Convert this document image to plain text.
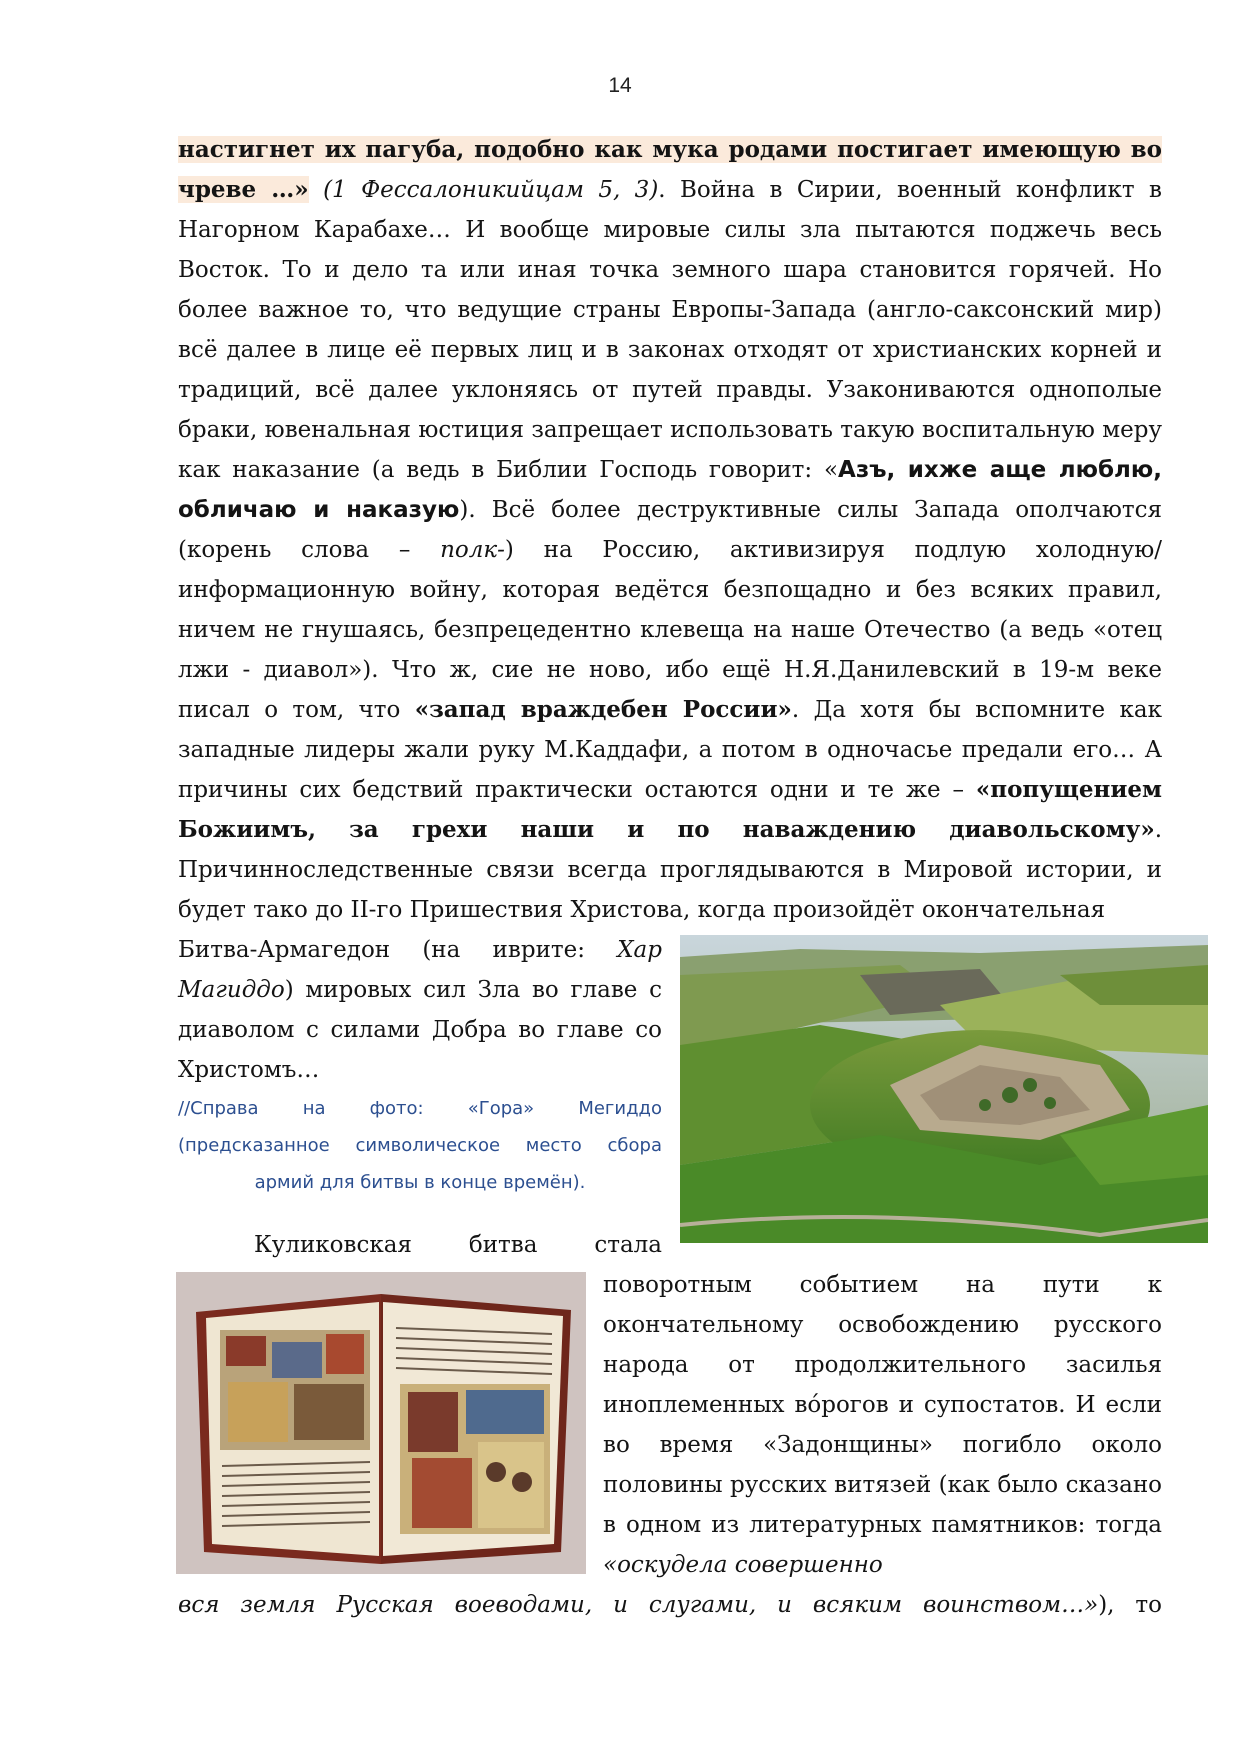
14
настигнет их пагуба, подобно как мука родами постигает имеющую во чреве …» (1 Фессалоникийцам 5, 3). Война в Сирии, военный конфликт в Нагорном Карабахе… И вообще мировые силы зла пытаются поджечь весь Восток. То и дело та или иная точка земного шара становится горячей. Но более важное то, что ведущие страны Европы-Запада (англо-саксонский мир) всё далее в лице её первых лиц и в законах отходят от христианских корней и традиций, всё далее уклоняясь от путей правды. Узакониваются однополые браки, ювенальная юстиция запрещает использовать такую воспитальную меру как наказание (а ведь в Библии Господь говорит: «Азъ, ихже аще люблю, обличаю и наказую). Всё более деструктивные силы Запада ополчаются (корень слова – полк-) на Россию, активизируя подлую холодную/информационную войну, которая ведётся безпощадно и без всяких правил, ничем не гнушаясь, безпрецедентно клевеща на наше Отечество (а ведь «отец лжи - диавол»). Что ж, сие не ново, ибо ещё Н.Я.Данилевский в 19-м веке писал о том, что «запад враждебен России». Да хотя бы вспомните как западные лидеры жали руку М.Каддафи, а потом в одночасье предали его… А причины сих бедствий практически остаются одни и те же – «попущением Божиимъ, за грехи наши и по наваждению диавольскому». Причинноследственные связи всегда проглядываются в Мировой истории, и будет тако до II-го Пришествия Христова, когда произойдёт окончательная
Битва-Армагедон (на иврите: Хар Магиддо) мировых сил Зла во главе с диаволом с силами Добра во главе со Христомъ…
//Справа на фото: «Гора» Мегиддо (предсказанное символическое место сбора армий для битвы в конце времён).
Куликовская битва стала
поворотным событием на пути к окончательному освобождению русского народа от продолжительного засилья иноплеменных во́рогов и супостатов. И если во время «Задонщины» погибло около половины русских витязей (как было сказано в одном из литературных памятников: тогда «оскудела совершенно
вся земля Русская воеводами, и слугами, и всяким воинством…»), то
